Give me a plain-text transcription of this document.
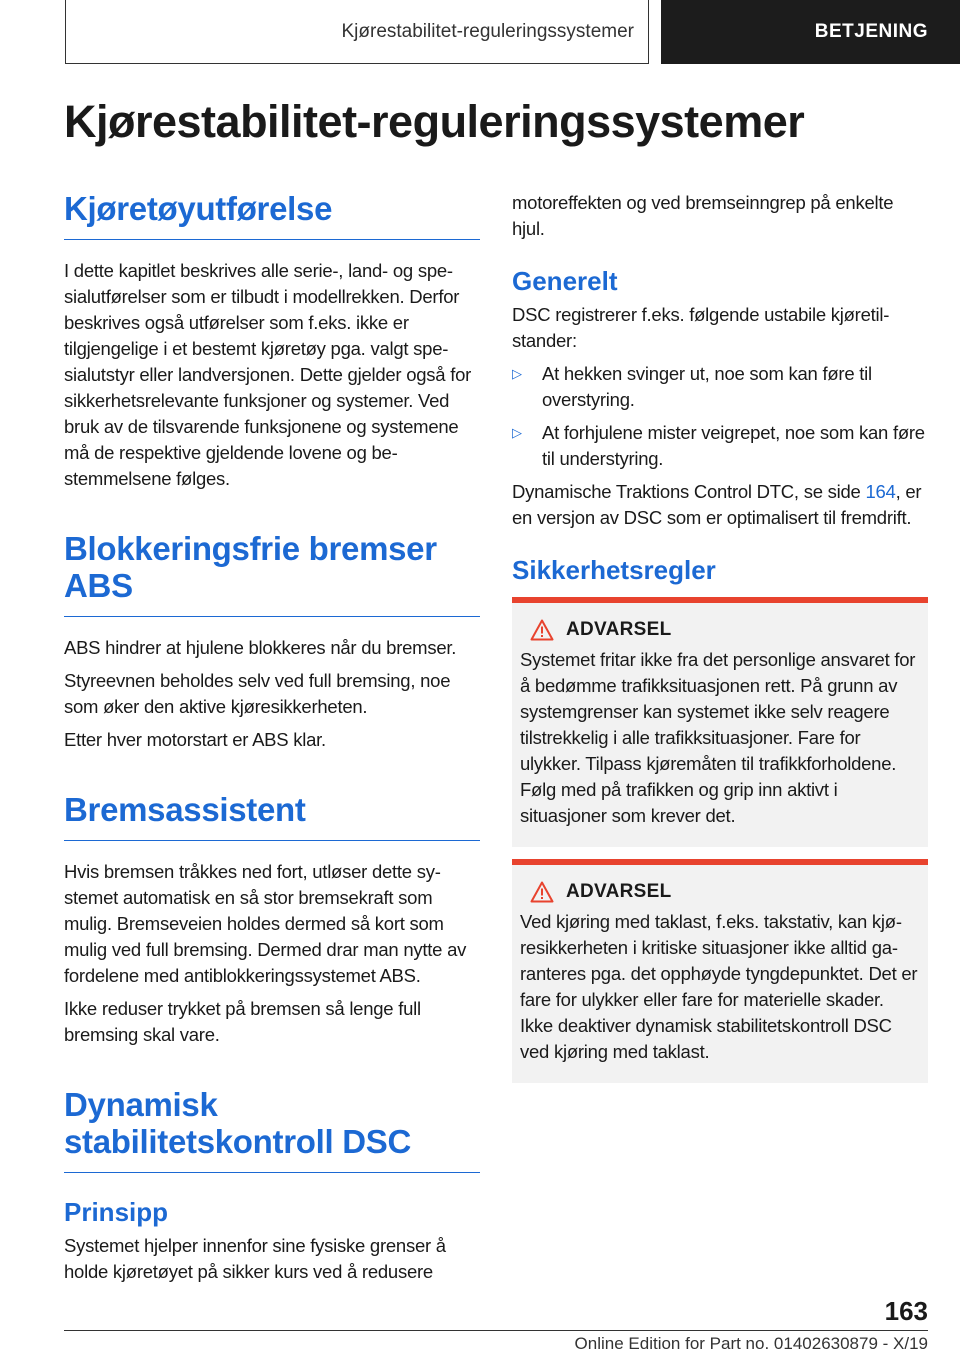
Kjørestabilitet-reguleringssystemer	BETJENING
Kjørestabilitet-reguleringssystemer
Kjøretøyutførelse

I dette kapitlet beskrives alle serie-, land- og spesialutførelser som er tilbudt i modellrekken. Derfor beskrives også utførelser som f.eks. ikke er tilgjengelige i et bestemt kjøretøy pga. valgt spesialutstyr eller landversjonen. Dette gjelder også for sikkerhetsrelevante funksjoner og systemer. Ved bruk av de tilsvarende funksjonene og systemene må de respektive gjeldende lovene og bestemmelsene følges.

Blokkeringsfrie bremser ABS

ABS hindrer at hjulene blokkeres når du bremser.

Styreevnen beholdes selv ved full bremsing, noe som øker den aktive kjøresikkerheten.

Etter hver motorstart er ABS klar.

Bremsassistent

Hvis bremsen tråkkes ned fort, utløser dette systemet automatisk en så stor bremsekraft som mulig. Bremseveien holdes dermed så kort som mulig ved full bremsing. Dermed drar man nytte av fordelene med antiblokkeringssystemet ABS.

Ikke reduser trykket på bremsen så lenge full bremsing skal vare.

Dynamisk stabilitetskontroll DSC
Prinsipp

Systemet hjelper innenfor sine fysiske grenser å holde kjøretøyet på sikker kurs ved å redusere

motoreffekten og ved bremseinngrep på enkelte hjul.

Generelt

DSC registrerer f.eks. følgende ustabile kjøretilstander:

▷	At hekken svinger ut, noe som kan føre til overstyring.

▷	At forhjulene mister veigrepet, noe som kan føre til understyring.

Dynamische Traktions Control DTC, se side 164, er en versjon av DSC som er optimalisert til fremdrift.

Sikkerhetsregler
ADVARSEL

Systemet fritar ikke fra det personlige ansvaret for å bedømme trafikksituasjonen rett. På grunn av systemgrenser kan systemet ikke selv reagere tilstrekkelig i alle trafikksituasjoner. Fare for ulykker. Tilpass kjøremåten til trafikkforholdene. Følg med på trafikken og grip inn aktivt i situasjoner som krever det.

ADVARSEL

Ved kjøring med taklast, f.eks. takstativ, kan kjøresikkerheten i kritiske situasjoner ikke alltid garanteres pga. det opphøyde tyngdepunktet. Det er fare for ulykker eller fare for materielle skader. Ikke deaktiver dynamisk stabilitetskontroll DSC ved kjøring med taklast.

163
Online Edition for Part no. 01402630879 - X/19
